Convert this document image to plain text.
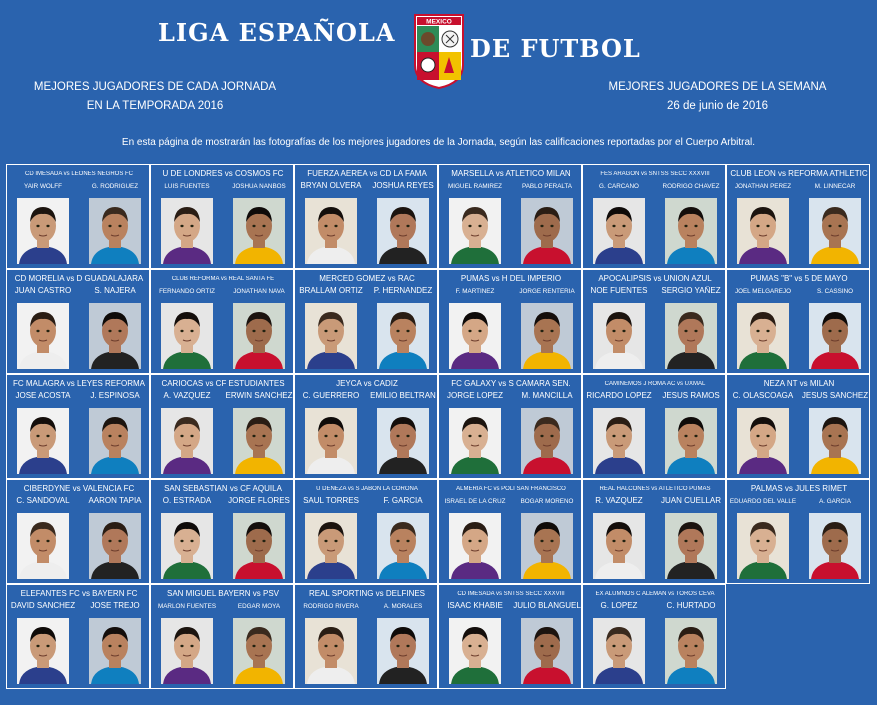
LIGA ESPAÑOLA
DE FUTBOL
MEXICO
MEJORES JUGADORES DE CADA JORNADA
EN LA TEMPORADA 2016
MEJORES JUGADORES DE LA SEMANA
26 de junio de 2016
En esta página de mostrarán las fotografías de los mejores jugadores de la Jornada, según las calificaciones reportadas por el Cuerpo Arbitral.
CD IMESADA vs LEONES NEGROS FC
YAIR WOLFF	G. RODRIGUEZ
U DE LONDRES vs COSMOS FC
LUIS FUENTES	JOSHUA NANBOS
FUERZA AEREA vs CD LA FAMA
BRYAN OLVERA	JOSHUA REYES
MARSELLA vs ATLETICO MILAN
MIGUEL RAMIREZ	PABLO PERALTA
FES ARAGON vs SNTSS SECC XXXVIII
G. CARCAÑO	RODRIGO CHAVEZ
CLUB LEON vs REFORMA ATHLETIC
JONATHAN PEREZ	M. LINNECAR
CD MORELIA vs D GUADALAJARA
JUAN CASTRO	S. NAJERA
CLUB REFORMA vs REAL SANTA FE
FERNANDO ORTIZ	JONATHAN NAVA
MERCED GOMEZ vs RAC
BRALLAM ORTIZ	P. HERNANDEZ
PUMAS vs H DEL IMPERIO
F. MARTINEZ	JORGE RENTERIA
APOCALIPSIS vs UNION AZUL
NOE FUENTES	SERGIO YAÑEZ
PUMAS "B" vs 5 DE MAYO
JOEL MELGAREJO	S. CASSINO
FC MALAGRA vs LEYES REFORMA
JOSE ACOSTA	J. ESPINOSA
CARIOCAS vs CF ESTUDIANTES
A. VAZQUEZ	ERWIN SANCHEZ
JEYCA vs CADIZ
C. GUERRERO	EMILIO BELTRAN
FC GALAXY vs S CAMARA SEN.
JORGE LOPEZ	M. MANCILLA
CAMINEMOS J ROMA AC vs UXMAL
RICARDO LOPEZ	JESUS RAMOS
NEZA NT vs MILAN
C. OLASCOAGA	JESUS SANCHEZ
CIBERDYNE vs VALENCIA FC
C. SANDOVAL	AARON TAPIA
SAN SEBASTIAN vs CF AQUILA
O. ESTRADA	JORGE FLORES
U DENEZA vs S JABON LA CORONA
SAUL TORRES	F. GARCIA
ALMERIA FC vs POLI SAN FRANCISCO
ISRAEL DE LA CRUZ	BOGAR MORENO
REAL HALCONES vs ATLETICO PUMAS
R. VAZQUEZ	JUAN CUELLAR
PALMAS vs JULES RIMET
EDUARDO DEL VALLE	A. GARCIA
ELEFANTES FC vs BAYERN FC
DAVID SANCHEZ	JOSE TREJO
SAN MIGUEL BAYERN vs PSV
MARLON FUENTES	EDGAR MOYA
REAL SPORTING vs DELFINES
RODRIGO RIVERA	A. MORALES
CD IMESADA vs SNTSS SECC XXXVIII
ISAAC KHABIE	JULIO BLANGUEL
EX ALUMNOS C ALEMAN vs TOROS CEVA
G. LOPEZ	C. HURTADO
